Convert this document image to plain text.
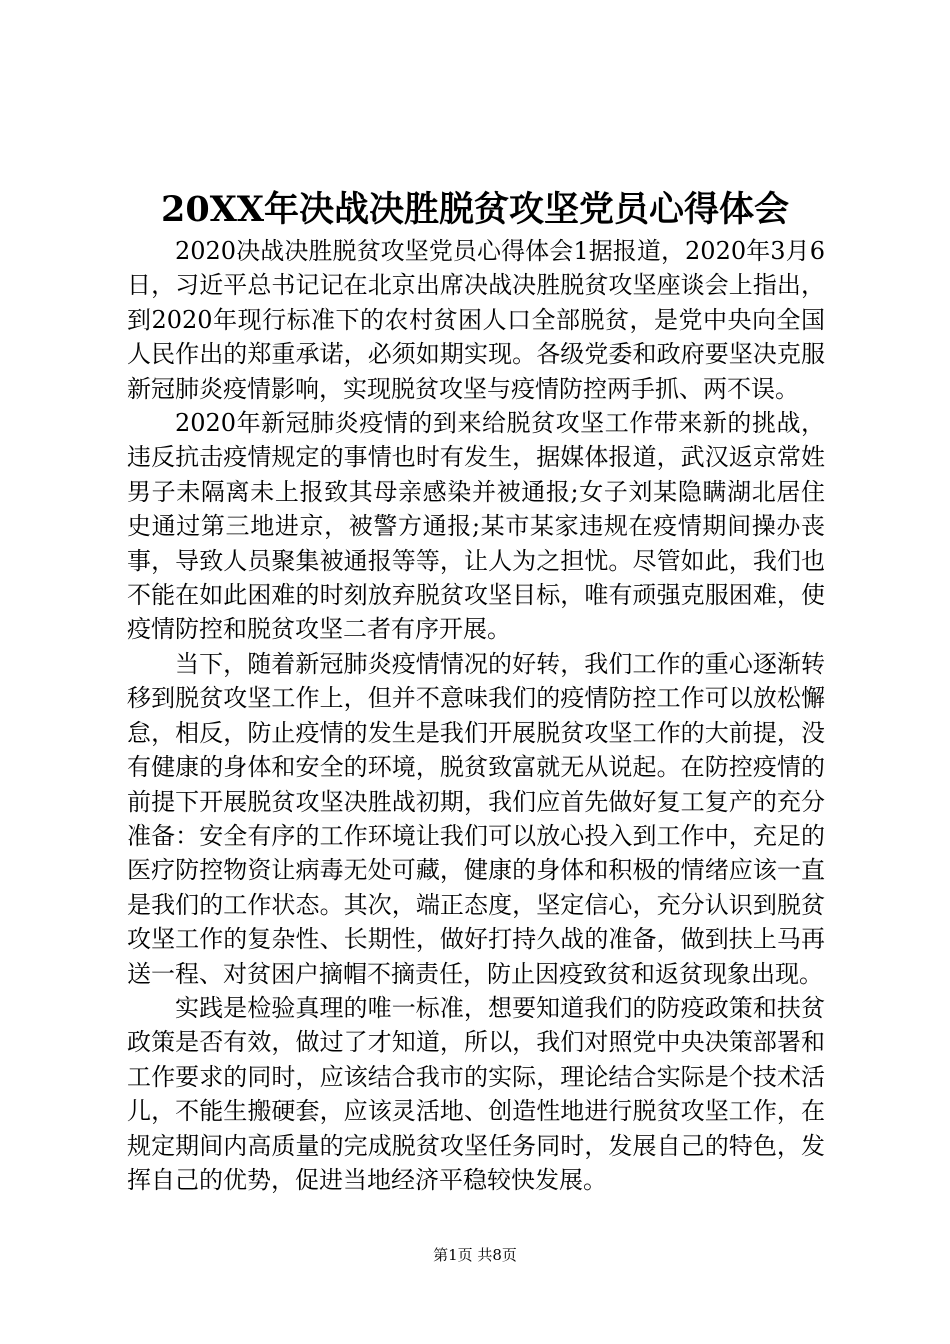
20XX年决战决胜脱贫攻坚党员心得体会

2020决战决胜脱贫攻坚党员心得体会1据报道，2020年3月6日，习近平总书记记在北京出席决战决胜脱贫攻坚座谈会上指出，到2020年现行标准下的农村贫困人口全部脱贫，是党中央向全国人民作出的郑重承诺，必须如期实现。各级党委和政府要坚决克服新冠肺炎疫情影响，实现脱贫攻坚与疫情防控两手抓、两不误。

2020年新冠肺炎疫情的到来给脱贫攻坚工作带来新的挑战，违反抗击疫情规定的事情也时有发生，据媒体报道，武汉返京常姓男子未隔离未上报致其母亲感染并被通报;女子刘某隐瞒湖北居住史通过第三地进京，被警方通报;某市某家违规在疫情期间操办丧事，导致人员聚集被通报等等，让人为之担忧。尽管如此，我们也不能在如此困难的时刻放弃脱贫攻坚目标，唯有顽强克服困难，使疫情防控和脱贫攻坚二者有序开展。

当下，随着新冠肺炎疫情情况的好转，我们工作的重心逐渐转移到脱贫攻坚工作上，但并不意味我们的疫情防控工作可以放松懈怠，相反，防止疫情的发生是我们开展脱贫攻坚工作的大前提，没有健康的身体和安全的环境，脱贫致富就无从说起。在防控疫情的前提下开展脱贫攻坚决胜战初期，我们应首先做好复工复产的充分准备：安全有序的工作环境让我们可以放心投入到工作中，充足的医疗防控物资让病毒无处可藏，健康的身体和积极的情绪应该一直是我们的工作状态。其次，端正态度，坚定信心，充分认识到脱贫攻坚工作的复杂性、长期性，做好打持久战的准备，做到扶上马再送一程、对贫困户摘帽不摘责任，防止因疫致贫和返贫现象出现。

实践是检验真理的唯一标准，想要知道我们的防疫政策和扶贫政策是否有效，做过了才知道，所以，我们对照党中央决策部署和工作要求的同时，应该结合我市的实际，理论结合实际是个技术活儿，不能生搬硬套，应该灵活地、创造性地进行脱贫攻坚工作，在规定期间内高质量的完成脱贫攻坚任务同时，发展自己的特色，发挥自己的优势，促进当地经济平稳较快发展。

第1页 共8页
